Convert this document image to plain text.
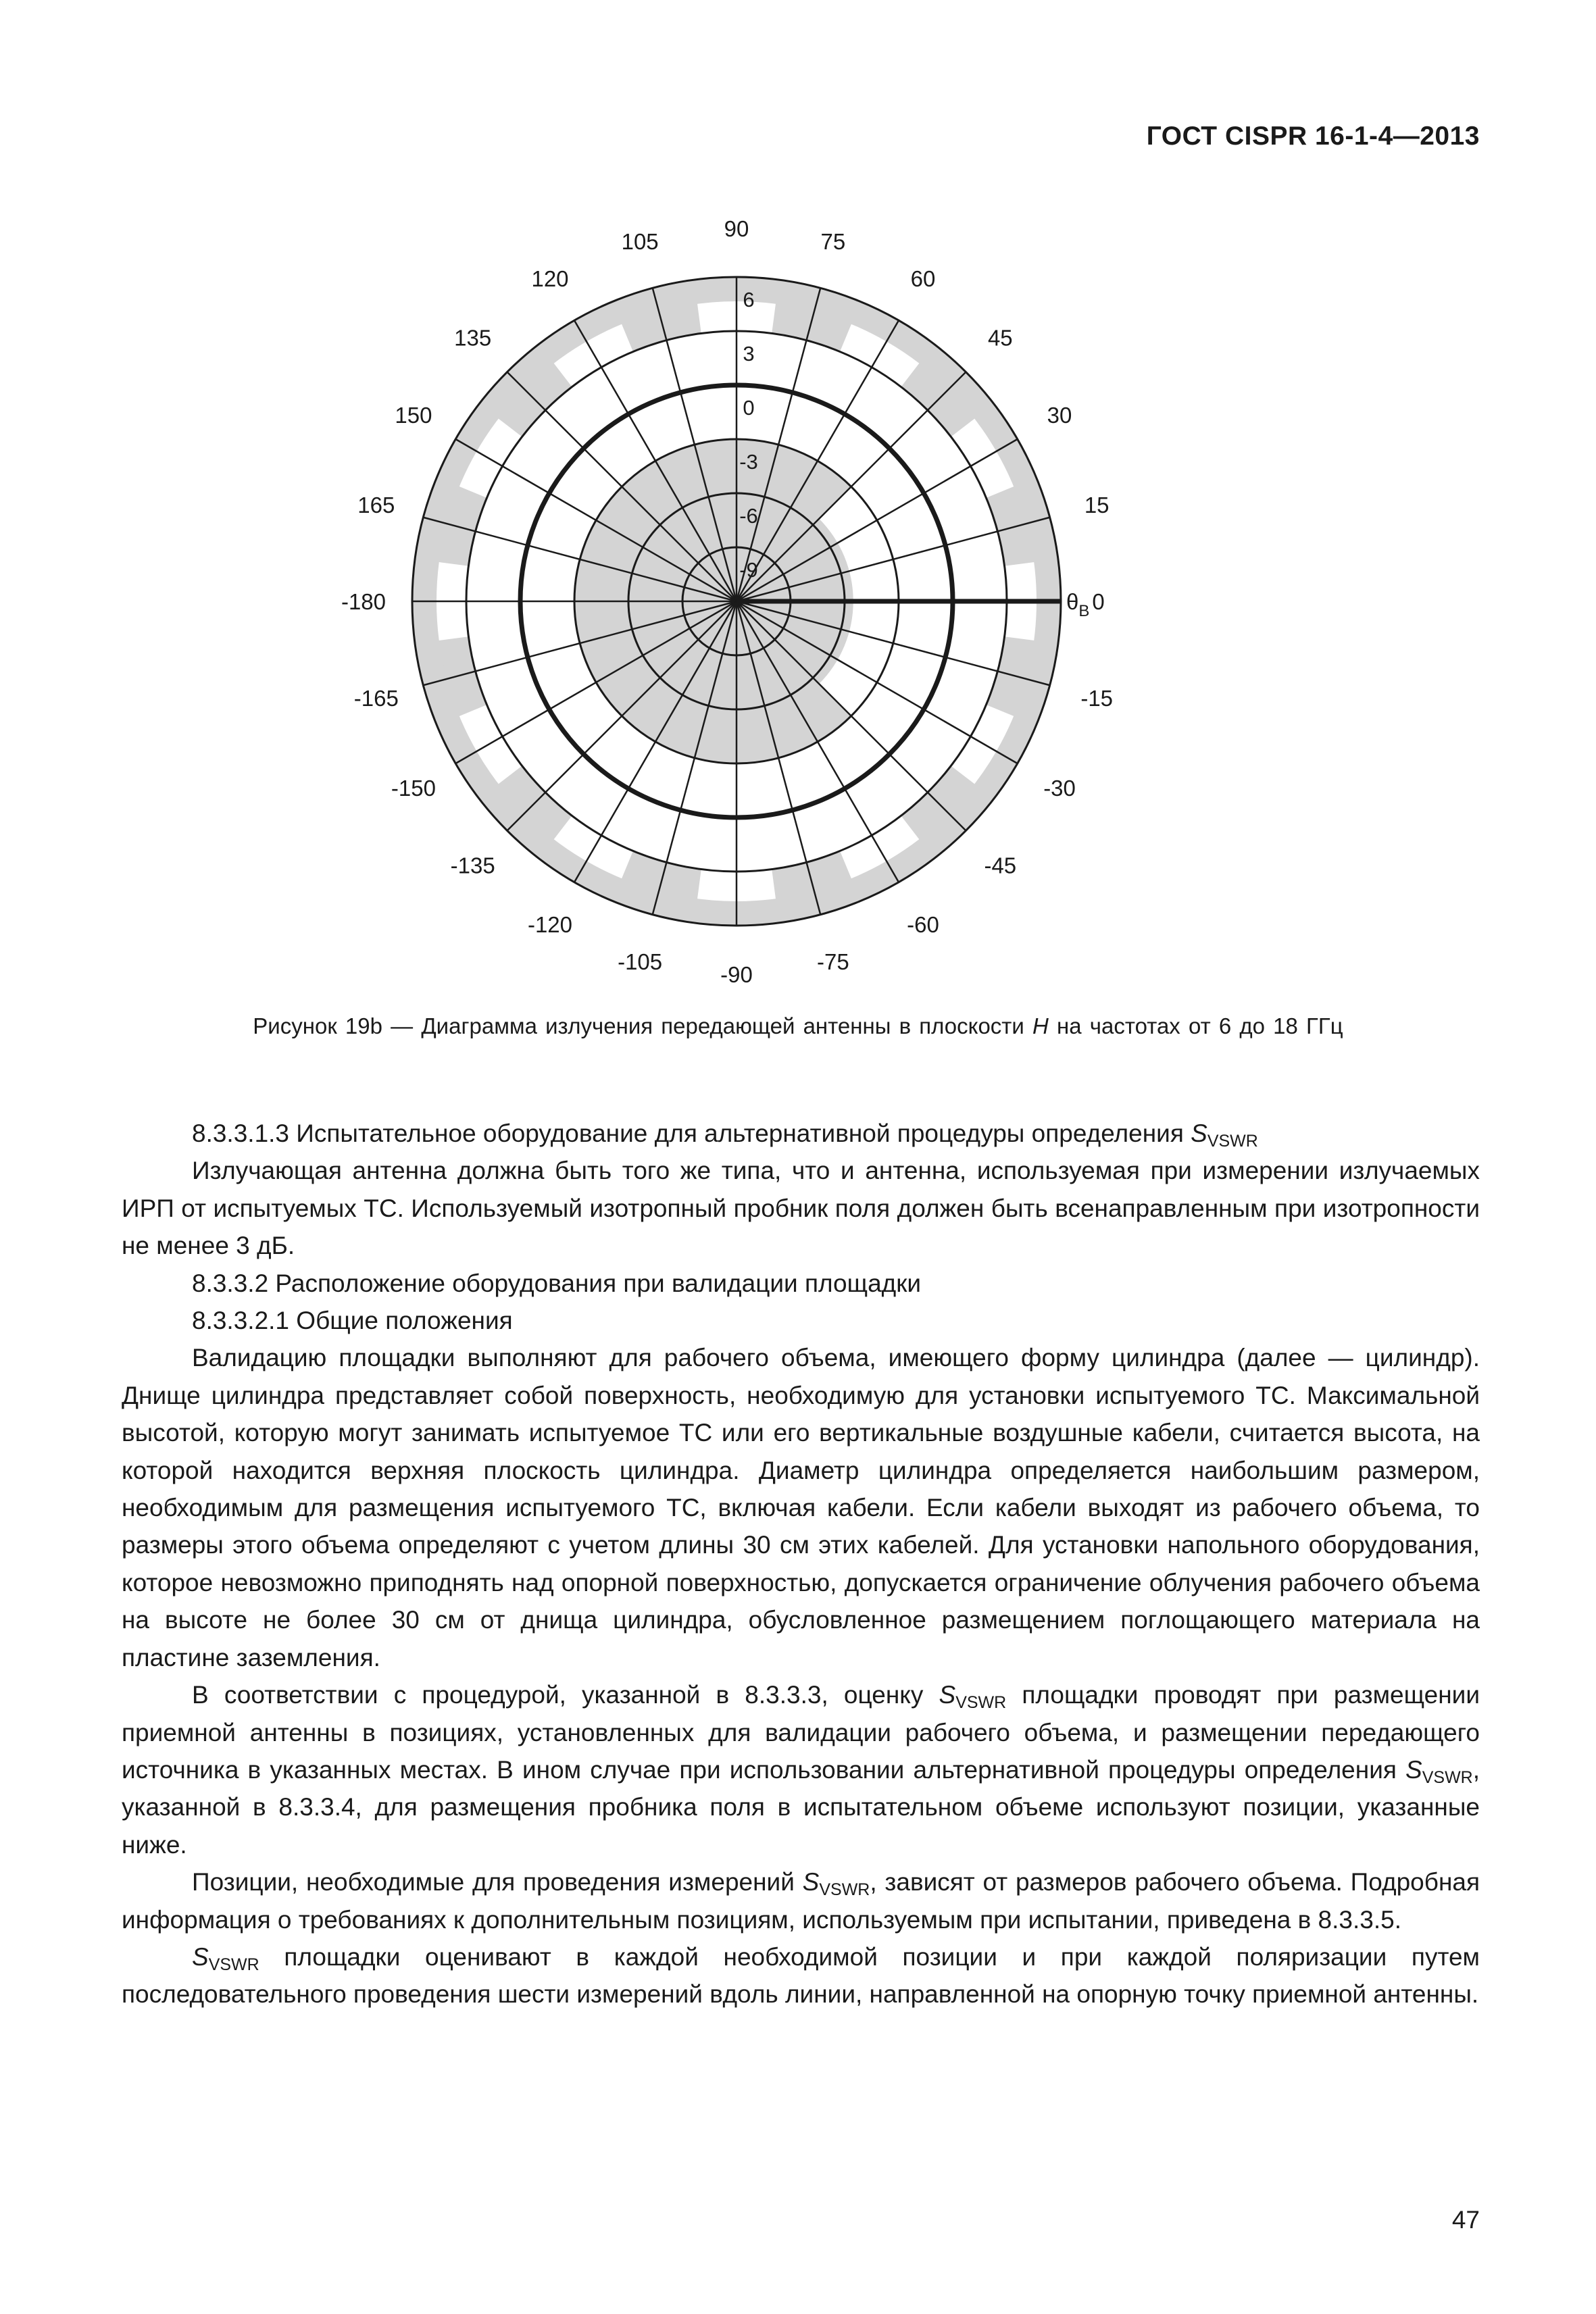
ГОСТ CISPR 16-1-4—2013
90
75
60
45
30
15
-15
-30
-45
-60
-75
-90
-105
-120
-135
-150
-165
-180
165
150
135
120
105
$\theta_B$ 0
6
3
0
-3
-6
-9
Рисунок 19b — Диаграмма излучения передающей антенны в плоскости H на частотах от 6 до 18 ГГц

8.3.3.1.3 Испытательное оборудование для альтернативной процедуры определения $S_{VSWR}$

Излучающая антенна должна быть того же типа, что и антенна, используемая при измерении излучаемых ИРП от испытуемых ТС. Используемый изотропный пробник поля должен быть всенаправленным при изотропности не менее 3 дБ.

8.3.3.2 Расположение оборудования при валидации площадки

8.3.3.2.1 Общие положения

Валидацию площадки выполняют для рабочего объема, имеющего форму цилиндра (далее — цилиндр). Днище цилиндра представляет собой поверхность, необходимую для установки испытуемого ТС. Максимальной высотой, которую могут занимать испытуемое ТС или его вертикальные воздушные кабели, считается высота, на которой находится верхняя плоскость цилиндра. Диаметр цилиндра определяется наибольшим размером, необходимым для размещения испытуемого ТС, включая кабели. Если кабели выходят из рабочего объема, то размеры этого объема определяют с учетом длины 30 см этих кабелей. Для установки напольного оборудования, которое невозможно приподнять над опорной поверхностью, допускается ограничение облучения рабочего объема на высоте не более 30 см от днища цилиндра, обусловленное размещением поглощающего материала на пластине заземления.

В соответствии с процедурой, указанной в 8.3.3.3, оценку $S_{VSWR}$ площадки проводят при размещении приемной антенны в позициях, установленных для валидации рабочего объема, и размещении передающего источника в указанных местах. В ином случае при использовании альтернативной процедуры определения $S_{VSWR}$, указанной в 8.3.3.4, для размещения пробника поля в испытательном объеме используют позиции, указанные ниже.

Позиции, необходимые для проведения измерений $S_{VSWR}$, зависят от размеров рабочего объема. Подробная информация о требованиях к дополнительным позициям, используемым при испытании, приведена в 8.3.3.5.

$S_{VSWR}$ площадки оценивают в каждой необходимой позиции и при каждой поляризации путем последовательного проведения шести измерений вдоль линии, направленной на опорную точку приемной антенны.

47
